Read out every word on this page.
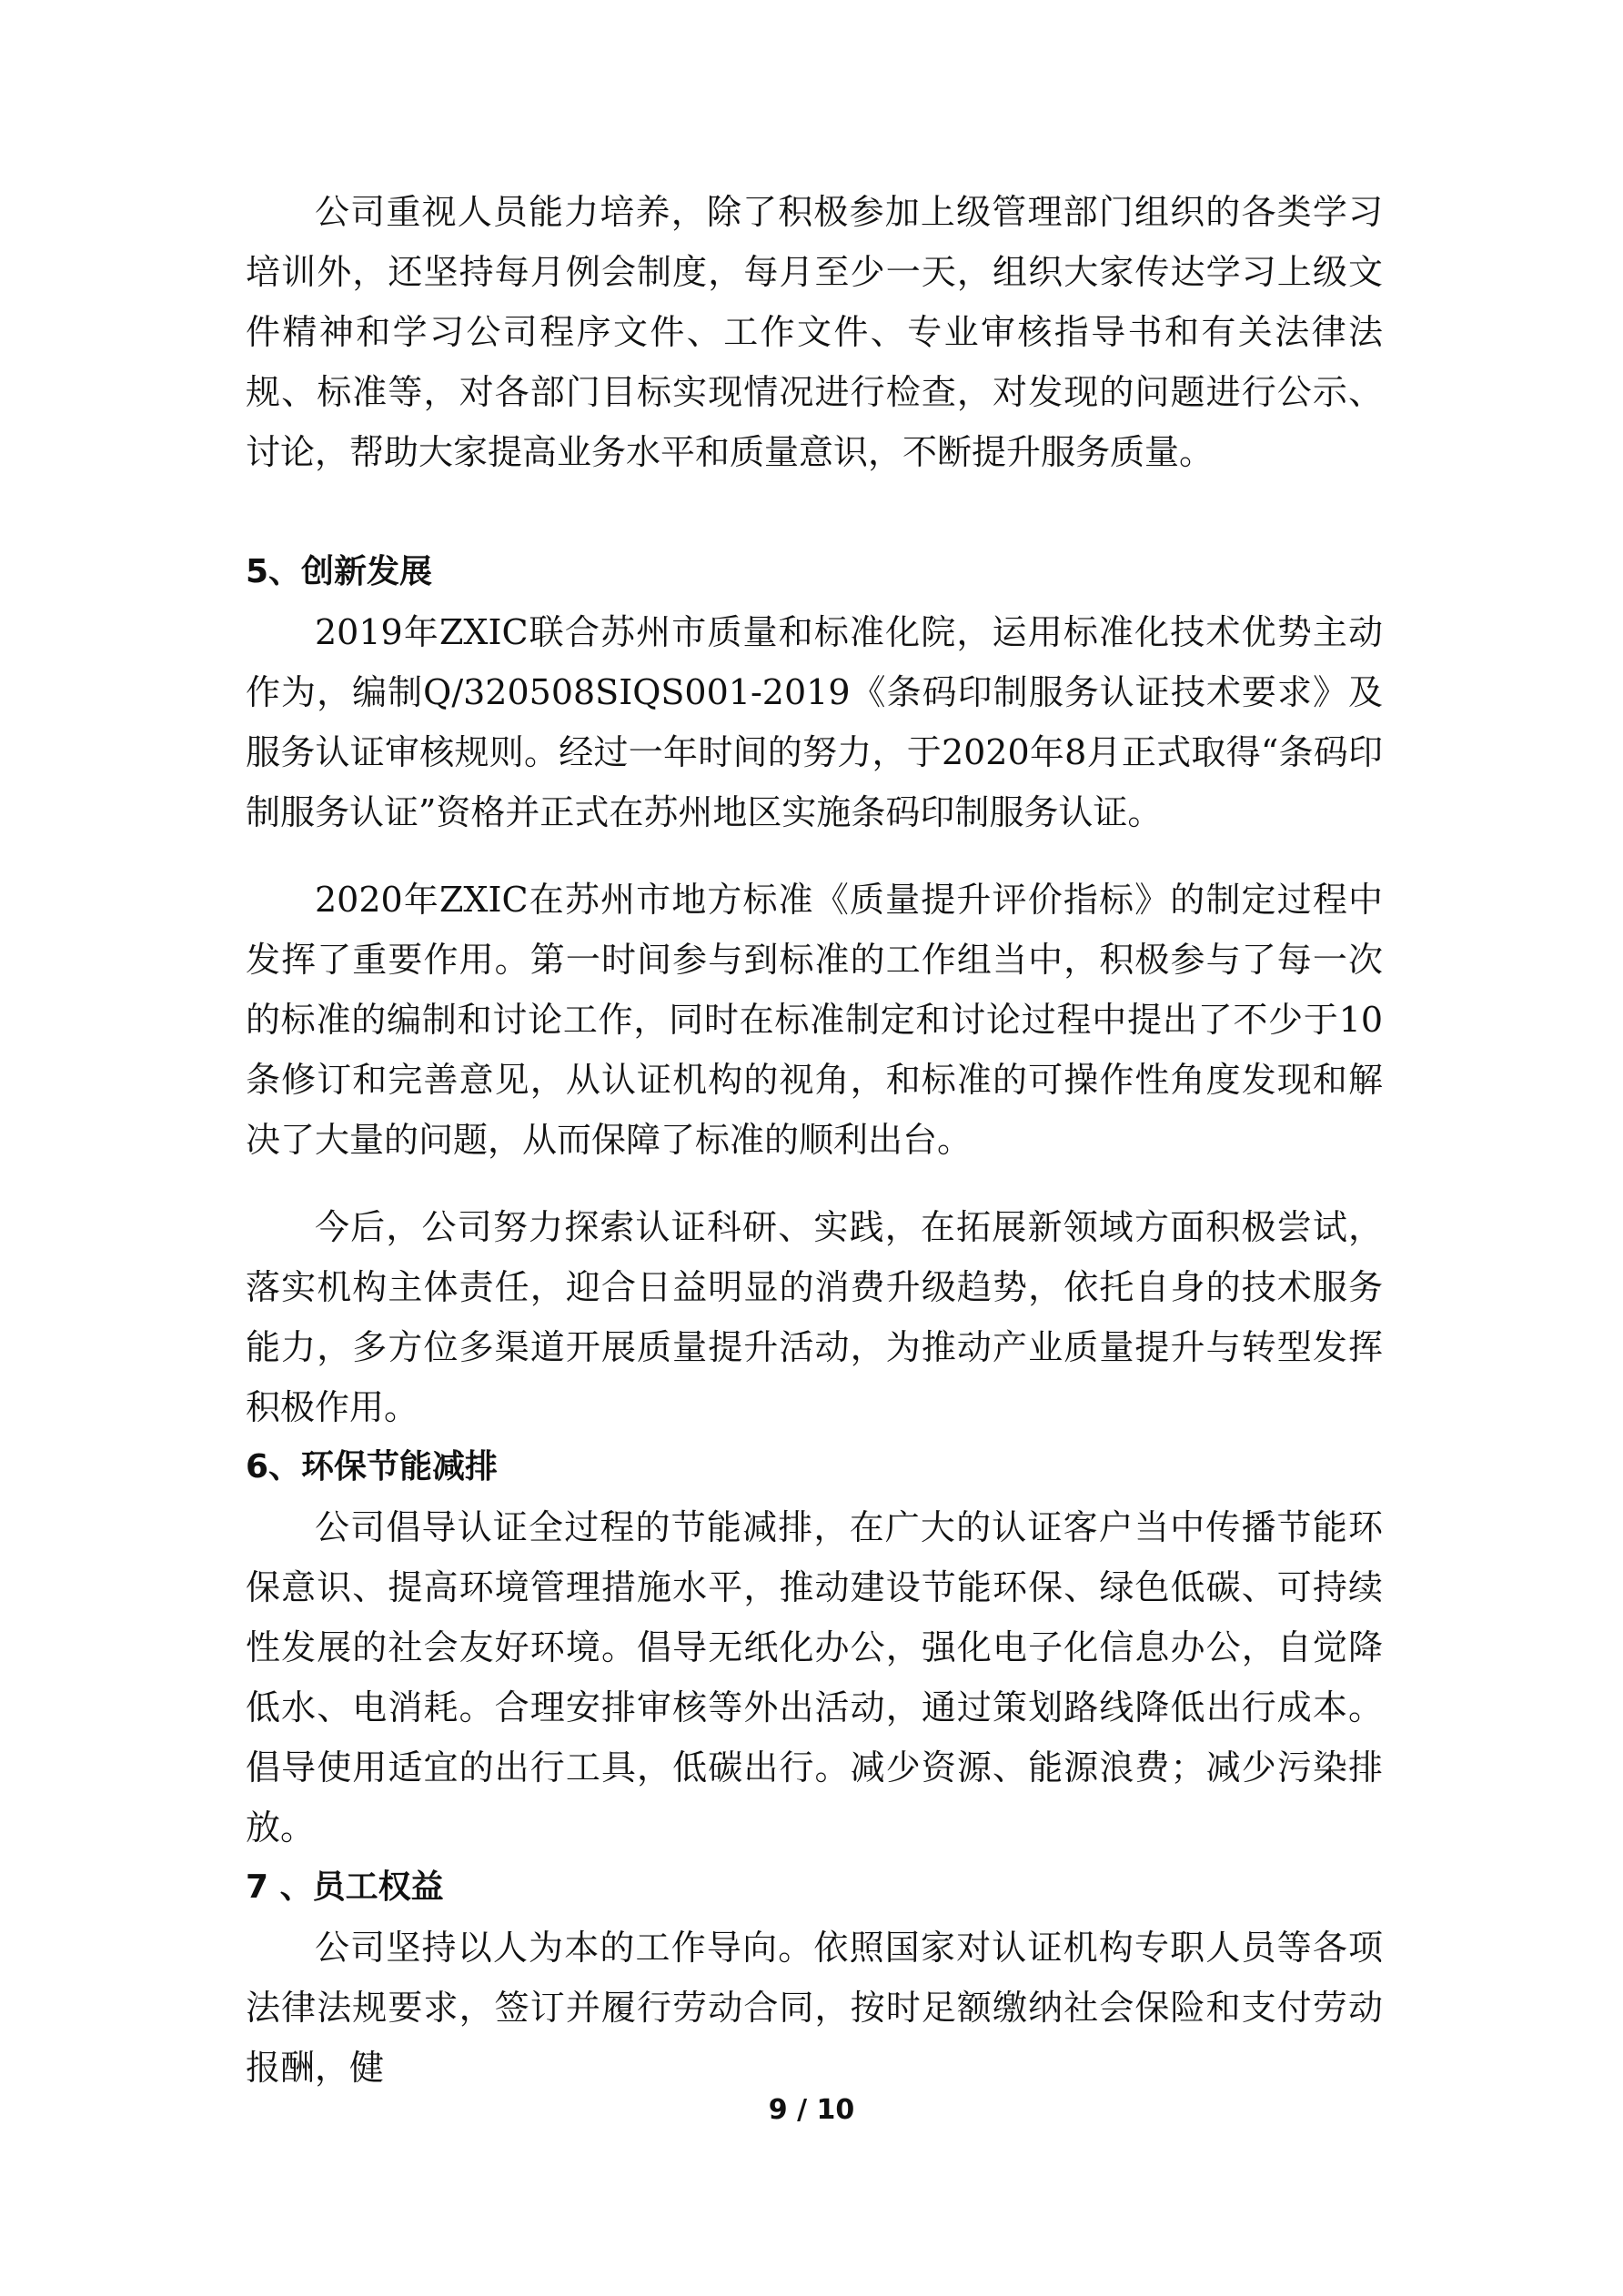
公司重视人员能力培养，除了积极参加上级管理部门组织的各类学习培训外，还坚持每月例会制度，每月至少一天，组织大家传达学习上级文件精神和学习公司程序文件、工作文件、专业审核指导书和有关法律法规、标准等，对各部门目标实现情况进行检查，对发现的问题进行公示、讨论，帮助大家提高业务水平和质量意识，不断提升服务质量。

5、创新发展

2019年ZXIC联合苏州市质量和标准化院，运用标准化技术优势主动作为，编制Q/320508SIQS001-2019《条码印制服务认证技术要求》及服务认证审核规则。经过一年时间的努力，于2020年8月正式取得“条码印制服务认证”资格并正式在苏州地区实施条码印制服务认证。

2020年ZXIC在苏州市地方标准《质量提升评价指标》的制定过程中发挥了重要作用。第一时间参与到标准的工作组当中，积极参与了每一次的标准的编制和讨论工作，同时在标准制定和讨论过程中提出了不少于10条修订和完善意见，从认证机构的视角，和标准的可操作性角度发现和解决了大量的问题，从而保障了标准的顺利出台。

今后，公司努力探索认证科研、实践，在拓展新领域方面积极尝试，落实机构主体责任，迎合日益明显的消费升级趋势，依托自身的技术服务能力，多方位多渠道开展质量提升活动，为推动产业质量提升与转型发挥积极作用。

6、环保节能减排

公司倡导认证全过程的节能减排，在广大的认证客户当中传播节能环保意识、提高环境管理措施水平，推动建设节能环保、绿色低碳、可持续性发展的社会友好环境。倡导无纸化办公，强化电子化信息办公，自觉降低水、电消耗。合理安排审核等外出活动，通过策划路线降低出行成本。倡导使用适宜的出行工具，低碳出行。减少资源、能源浪费；减少污染排放。

7 、员工权益

公司坚持以人为本的工作导向。依照国家对认证机构专职人员等各项法律法规要求，签订并履行劳动合同，按时足额缴纳社会保险和支付劳动报酬，健

9 / 10
